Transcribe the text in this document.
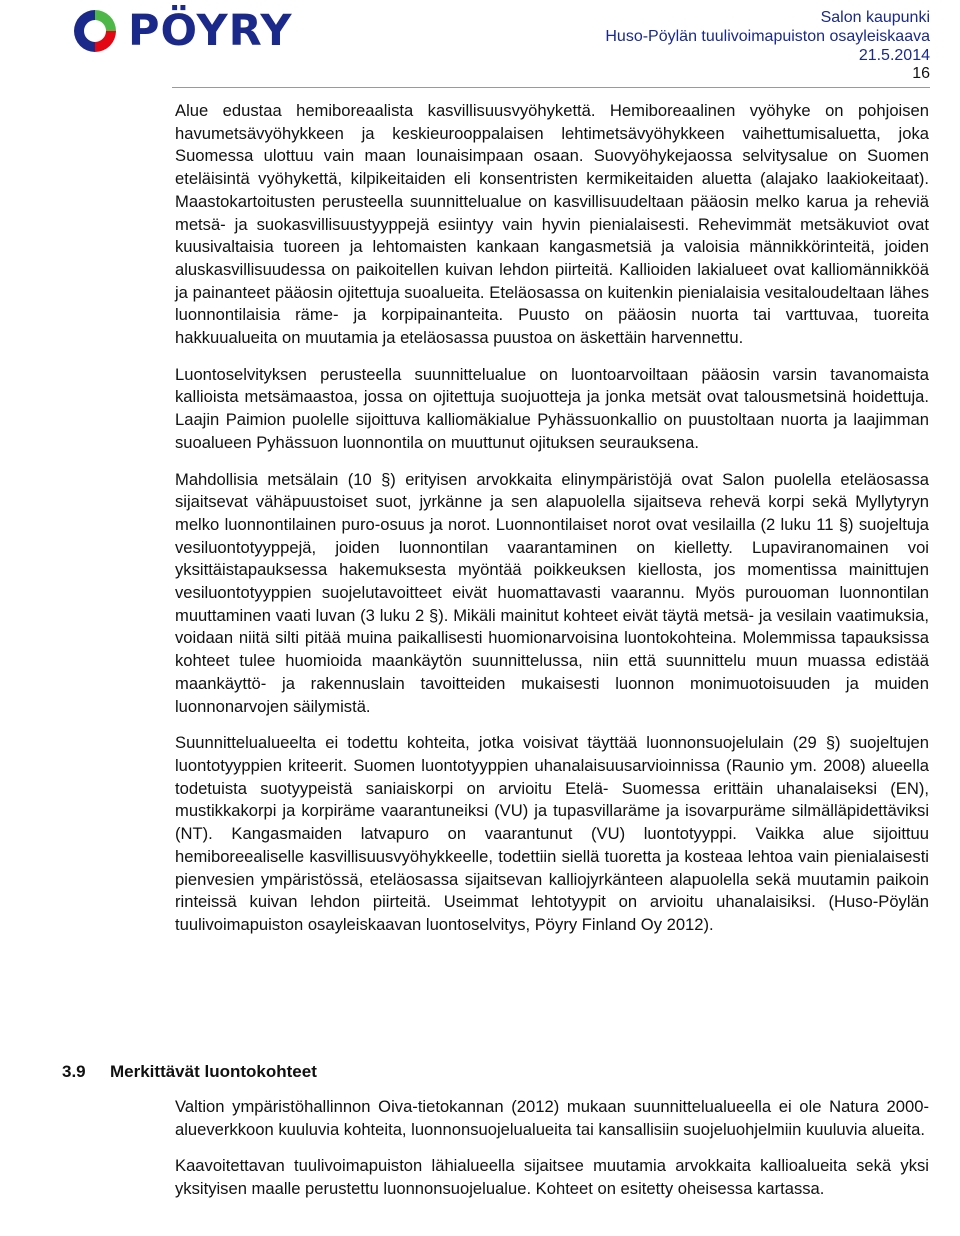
PÖYRY	Salon kaupunki
Huso-Pöylän tuulivoimapuiston osayleiskaava
21.5.2014
16

Alue edustaa hemiboreaalista kasvillisuusvyöhykettä. Hemiboreaalinen vyöhyke on pohjoisen havumetsävyöhykkeen ja keskieurooppalaisen lehtimetsävyöhykkeen vaihettumisaluetta, joka Suomessa ulottuu vain maan lounaisimpaan osaan. Suovyöhykejaossa selvitysalue on Suomen eteläisintä vyöhykettä, kilpikeitaiden eli konsentristen kermikeitaiden aluetta (alajako laakiokeitaat). Maastokartoitusten perusteella suunnittelualue on kasvillisuudeltaan pääosin melko karua ja reheviä metsä- ja suokasvillisuustyyppejä esiintyy vain hyvin pienialaisesti. Rehevimmät metsäkuviot ovat kuusivaltaisia tuoreen ja lehtomaisten kankaan kangasmetsiä ja valoisia männikkörinteitä, joiden aluskasvillisuudessa on paikoitellen kuivan lehdon piirteitä. Kallioiden lakialueet ovat kalliomännikköä ja painanteet pääosin ojitettuja suoalueita. Eteläosassa on kuitenkin pienialaisia vesitaloudeltaan lähes luonnontilaisia räme- ja korpipainanteita. Puusto on pääosin nuorta tai varttuvaa, tuoreita hakkuualueita on muutamia ja eteläosassa puustoa on äskettäin harvennettu.

Luontoselvityksen perusteella suunnittelualue on luontoarvoiltaan pääosin varsin tavanomaista kallioista metsämaastoa, jossa on ojitettuja suojuotteja ja jonka metsät ovat talousmetsinä hoidettuja. Laajin Paimion puolelle sijoittuva kalliomäkialue Pyhässuonkallio on puustoltaan nuorta ja laajimman suoalueen Pyhässuon luonnontila on muuttunut ojituksen seurauksena.

Mahdollisia metsälain (10 §) erityisen arvokkaita elinympäristöjä ovat Salon puolella eteläosassa sijaitsevat vähäpuustoiset suot, jyrkänne ja sen alapuolella sijaitseva rehevä korpi sekä Myllytyryn melko luonnontilainen puro-osuus ja norot. Luonnontilaiset norot ovat vesilailla (2 luku 11 §) suojeltuja vesiluontotyyppejä, joiden luonnontilan vaarantaminen on kielletty. Lupaviranomainen voi yksittäistapauksessa hakemuksesta myöntää poikkeuksen kiellosta, jos momentissa mainittujen vesiluontotyyppien suojelutavoitteet eivät huomattavasti vaarannu. Myös purouoman luonnontilan muuttaminen vaati luvan (3 luku 2 §). Mikäli mainitut kohteet eivät täytä metsä- ja vesilain vaatimuksia, voidaan niitä silti pitää muina paikallisesti huomionarvoisina luontokohteina. Molemmissa tapauksissa kohteet tulee huomioida maankäytön suunnittelussa, niin että suunnittelu muun muassa edistää maankäyttö- ja rakennuslain tavoitteiden mukaisesti luonnon monimuotoisuuden ja muiden luonnonarvojen säilymistä.

Suunnittelualueelta ei todettu kohteita, jotka voisivat täyttää luonnonsuojelulain (29 §) suojeltujen luontotyyppien kriteerit. Suomen luontotyyppien uhanalaisuusarvioinnissa (Raunio ym. 2008) alueella todetuista suotyypeistä saniaiskorpi on arvioitu Etelä- Suomessa erittäin uhanalaiseksi (EN), mustikkakorpi ja korpiräme vaarantuneiksi (VU) ja tupasvillaräme ja isovarpuräme silmälläpidettäviksi (NT). Kangasmaiden latvapuro on vaarantunut (VU) luontotyyppi. Vaikka alue sijoittuu hemiboreealiselle kasvillisuusvyöhykkeelle, todettiin siellä tuoretta ja kosteaa lehtoa vain pienialaisesti pienvesien ympäristössä, eteläosassa sijaitsevan kalliojyrkänteen alapuolella sekä muutamin paikoin rinteissä kuivan lehdon piirteitä. Useimmat lehtotyypit on arvioitu uhanalaisiksi. (Huso-Pöylän tuulivoimapuiston osayleiskaavan luontoselvitys, Pöyry Finland Oy 2012).

3.9 Merkittävät luontokohteet

Valtion ympäristöhallinnon Oiva-tietokannan (2012) mukaan suunnittelualueella ei ole Natura 2000-alueverkkoon kuuluvia kohteita, luonnonsuojelualueita tai kansallisiin suojeluohjelmiin kuuluvia alueita.

Kaavoitettavan tuulivoimapuiston lähialueella sijaitsee muutamia arvokkaita kallioalueita sekä yksi yksityisen maalle perustettu luonnonsuojelualue. Kohteet on esitetty oheisessa kartassa.
